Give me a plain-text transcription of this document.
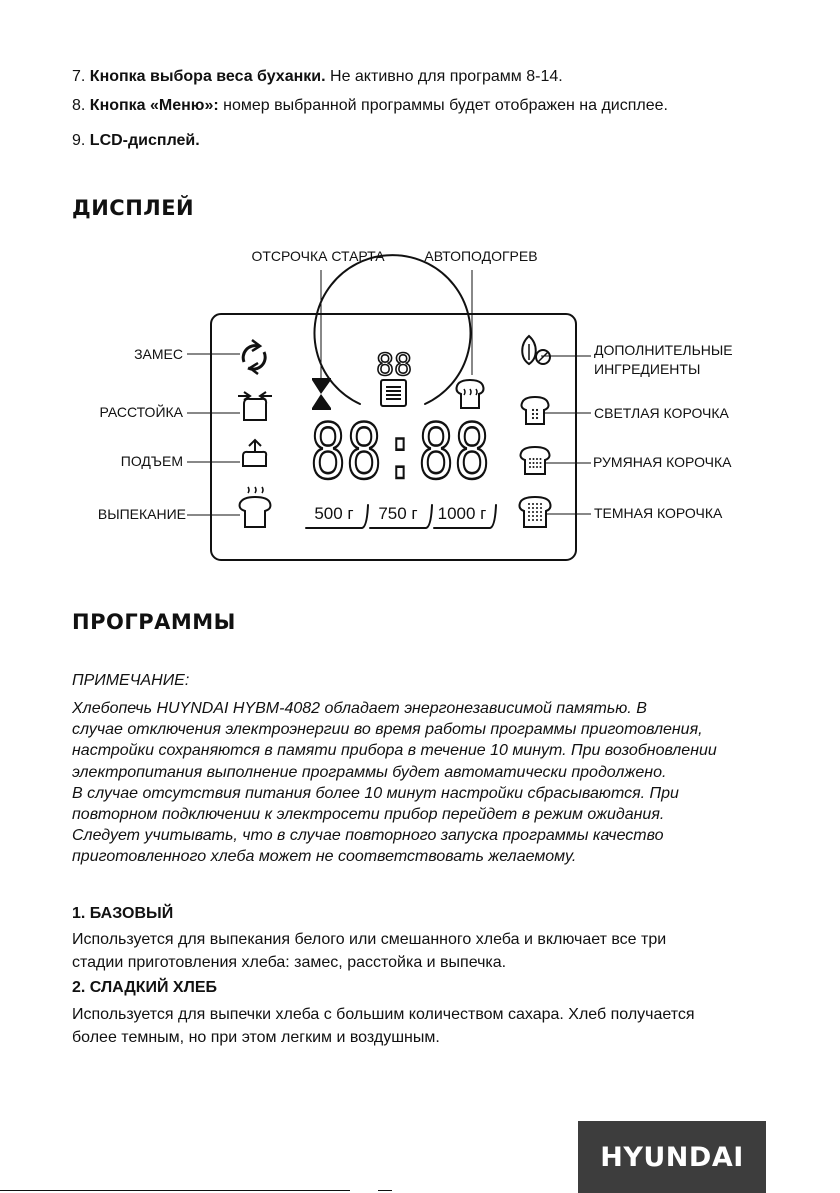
7. Кнопка выбора веса буханки. Не активно для программ 8-14.
8. Кнопка «Меню»: номер выбранной программы будет отображен на дисплее.
9. LCD-дисплей.
ДИСПЛЕЙ
88
88:88
500 г 750 г 1000 г
ОТСРОЧКА СТАРТА	АВТОПОДОГРЕВ
ЗАМЕС
РАССТОЙКА
ПОДЪЕМ
ВЫПЕКАНИЕ
ДОПОЛНИТЕЛЬНЫЕ
ИНГРЕДИЕНТЫ
СВЕТЛАЯ КОРОЧКА
РУМЯНАЯ КОРОЧКА
ТЕМНАЯ КОРОЧКА
ПРОГРАММЫ
ПРИМЕЧАНИЕ:
Хлебопечь HUYNDAI HYBM-4082 обладает энергонезависимой памятью. В
случае отключения электроэнергии во время работы программы приготовления,
настройки сохраняются в памяти прибора в течение 10 минут. При возобновлении
электропитания выполнение программы будет автоматически продолжено.
В случае отсутствия питания более 10 минут настройки сбрасываются. При
повторном подключении к электросети прибор перейдет в режим ожидания.
Следует учитывать, что в случае повторного запуска программы качество
приготовленного хлеба может не соответствовать желаемому.
1. БАЗОВЫЙ
Используется для выпекания белого или смешанного хлеба и включает все три
стадии приготовления хлеба: замес, расстойка и выпечка.
2. СЛАДКИЙ ХЛЕБ
Используется для выпечки хлеба с большим количеством сахара. Хлеб получается
более темным, но при этом легким и воздушным.
HYUNDAI
